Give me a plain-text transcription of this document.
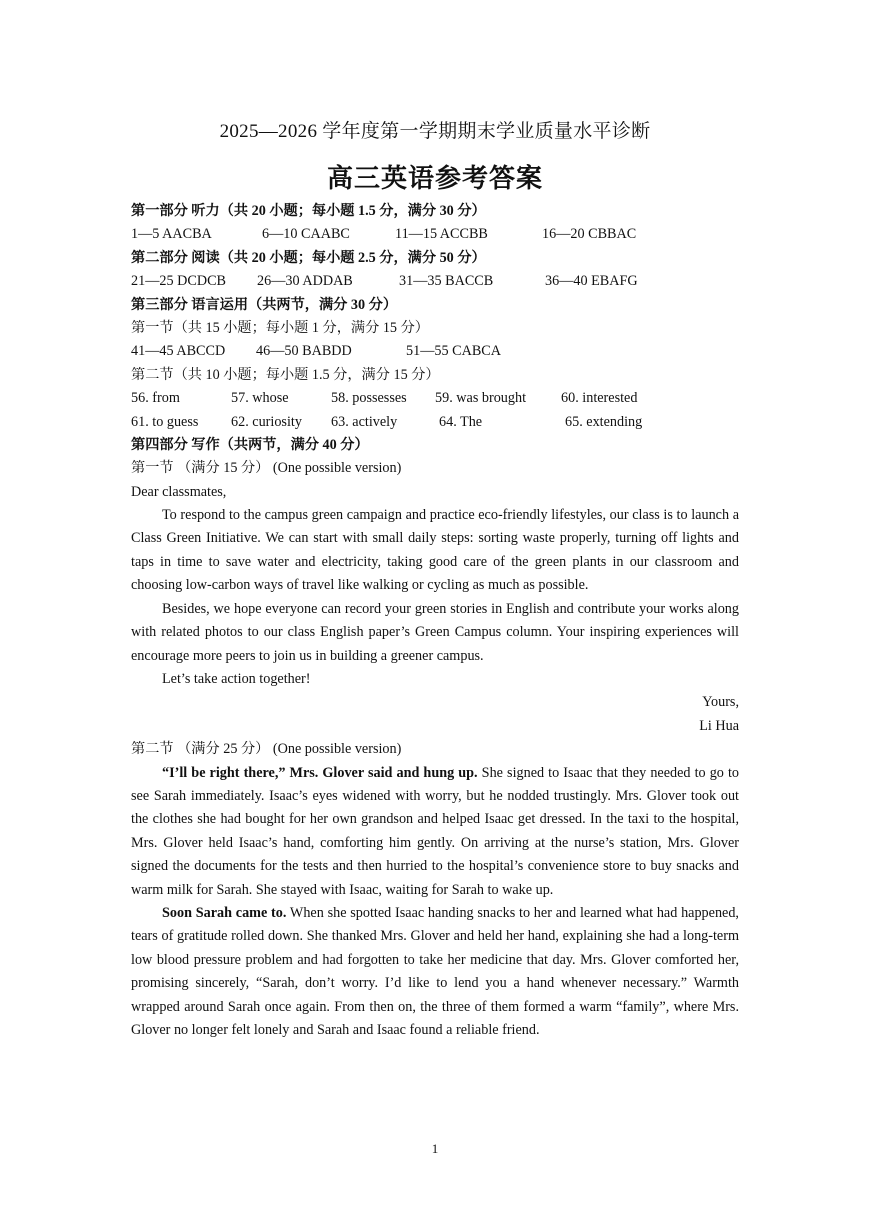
2025—2026 学年度第一学期期末学业质量水平诊断
高三英语参考答案
第一部分 听力（共 20 小题；每小题 1.5 分，满分 30 分）
1—5 AACBA	6—10 CAABC	11—15 ACCBB	16—20 CBBAC
第二部分 阅读（共 20 小题；每小题 2.5 分，满分 50 分）
21—25 DCDCB 26—30 ADDAB	31—35 BACCB	36—40 EBAFG
第三部分 语言运用（共两节，满分 30 分）
第一节（共 15 小题；每小题 1 分，满分 15 分）
41—45 ABCCD 46—50 BABDD	51—55 CABCA
第二节（共 10 小题；每小题 1.5 分，满分 15 分）
56. from	57. whose	58. possesses 59. was brought 60. interested
61. to guess 62. curiosity 63. actively	64. The	65. extending
第四部分 写作（共两节，满分 40 分）
第一节 （满分 15 分） (One possible version)
Dear classmates,

To respond to the campus green campaign and practice eco-friendly lifestyles, our class is to launch a Class Green Initiative. We can start with small daily steps: sorting waste properly, turning off lights and taps in time to save water and electricity, taking good care of the green plants in our classroom and choosing low-carbon ways of travel like walking or cycling as much as possible.

Besides, we hope everyone can record your green stories in English and contribute your works along with related photos to our class English paper’s Green Campus column. Your inspiring experiences will encourage more peers to join us in building a greener campus.

Let’s take action together!

Yours,
Li Hua
第二节 （满分 25 分） (One possible version)

“I’ll be right there,” Mrs. Glover said and hung up. She signed to Isaac that they needed to go to see Sarah immediately. Isaac’s eyes widened with worry, but he nodded trustingly. Mrs. Glover took out the clothes she had bought for her own grandson and helped Isaac get dressed. In the taxi to the hospital, Mrs. Glover held Isaac’s hand, comforting him gently. On arriving at the nurse’s station, Mrs. Glover signed the documents for the tests and then hurried to the hospital’s convenience store to buy snacks and warm milk for Sarah. She stayed with Isaac, waiting for Sarah to wake up.

Soon Sarah came to. When she spotted Isaac handing snacks to her and learned what had happened, tears of gratitude rolled down. She thanked Mrs. Glover and held her hand, explaining she had a long-term low blood pressure problem and had forgotten to take her medicine that day. Mrs. Glover comforted her, promising sincerely, “Sarah, don’t worry. I’d like to lend you a hand whenever necessary.” Warmth wrapped around Sarah once again. From then on, the three of them formed a warm “family”, where Mrs. Glover no longer felt lonely and Sarah and Isaac found a reliable friend.

1
